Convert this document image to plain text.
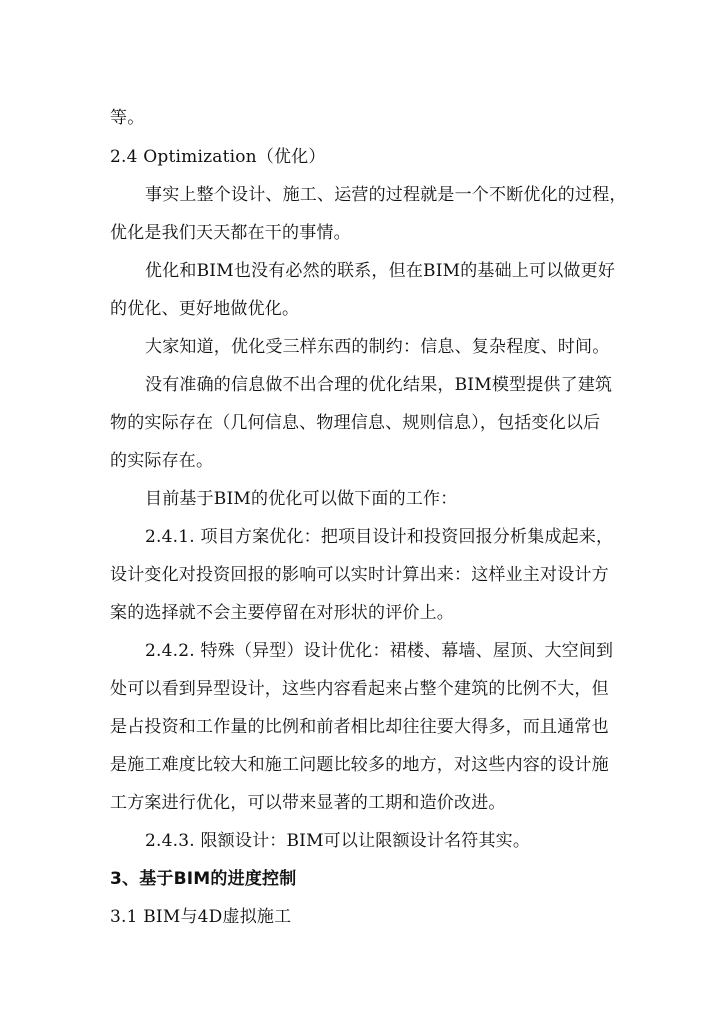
等。
2.4 Optimization（优化）
事实上整个设计、施工、运营的过程就是一个不断优化的过程，
优化是我们天天都在干的事情。
优化和BIM也没有必然的联系，但在BIM的基础上可以做更好
的优化、更好地做优化。
大家知道，优化受三样东西的制约：信息、复杂程度、时间。
没有准确的信息做不出合理的优化结果，BIM模型提供了建筑
物的实际存在（几何信息、物理信息、规则信息），包括变化以后
的实际存在。
目前基于BIM的优化可以做下面的工作：
2.4.1. 项目方案优化：把项目设计和投资回报分析集成起来，
设计变化对投资回报的影响可以实时计算出来：这样业主对设计方
案的选择就不会主要停留在对形状的评价上。
2.4.2. 特殊（异型）设计优化：裙楼、幕墙、屋顶、大空间到
处可以看到异型设计，这些内容看起来占整个建筑的比例不大，但
是占投资和工作量的比例和前者相比却往往要大得多，而且通常也
是施工难度比较大和施工问题比较多的地方，对这些内容的设计施
工方案进行优化，可以带来显著的工期和造价改进。
2.4.3. 限额设计：BIM可以让限额设计名符其实。
3、基于BIM的进度控制
3.1 BIM与4D虚拟施工
